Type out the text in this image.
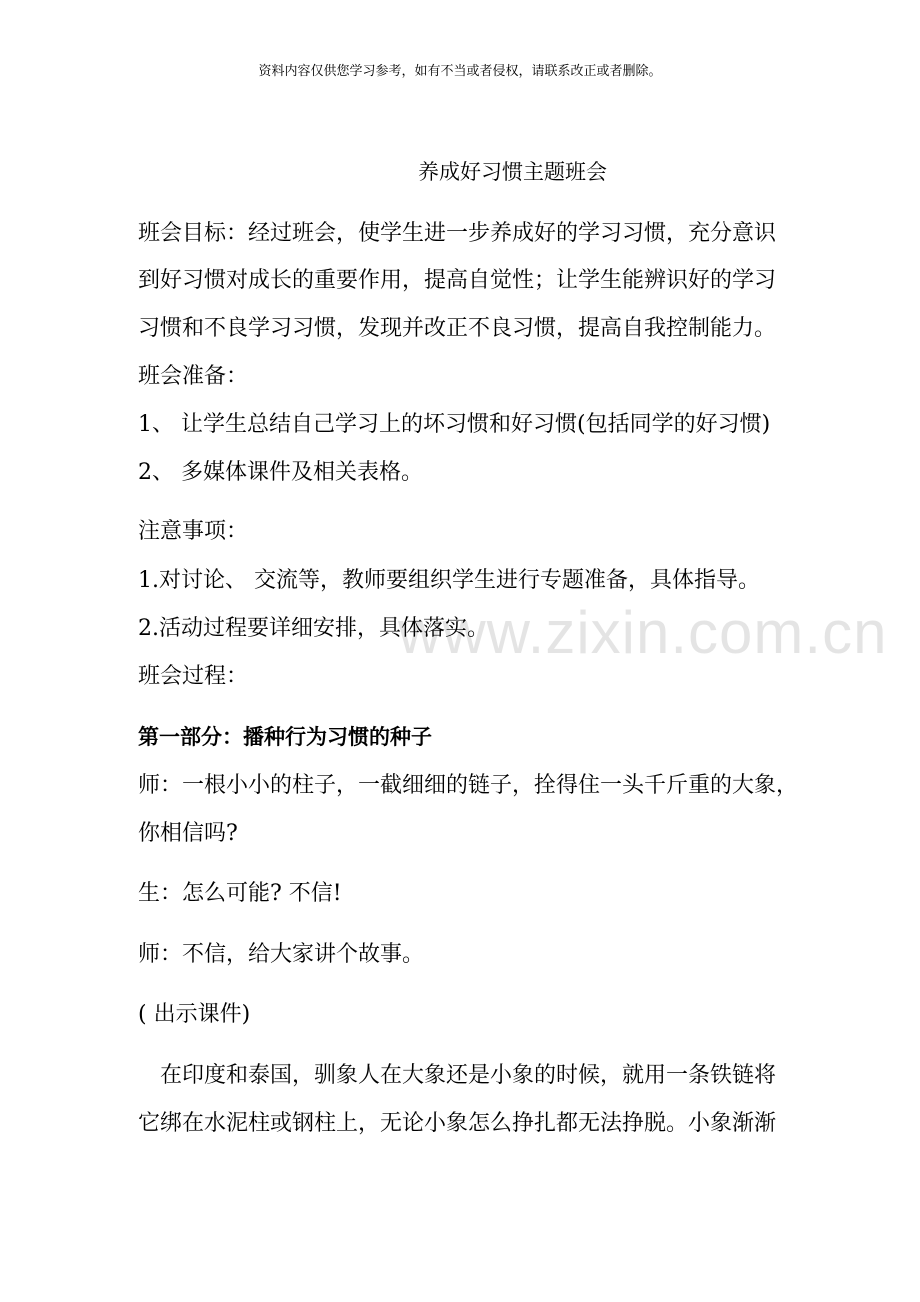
资料内容仅供您学习参考，如有不当或者侵权，请联系改正或者删除。
养成好习惯主题班会
班会目标：经过班会，使学生进一步养成好的学习习惯，充分意识
到好习惯对成长的重要作用，提高自觉性；让学生能辨识好的学习
习惯和不良学习习惯，发现并改正不良习惯，提高自我控制能力。
班会准备：
1、 让学生总结自己学习上的坏习惯和好习惯(包括同学的好习惯)
2、 多媒体课件及相关表格。
注意事项：
1.对讨论、 交流等，教师要组织学生进行专题准备，具体指导。
2.活动过程要详细安排，具体落实。
班会过程：
第一部分：播种行为习惯的种子
师：一根小小的柱子，一截细细的链子，拴得住一头千斤重的大象，
你相信吗?
生：怎么可能? 不信!
师：不信，给大家讲个故事。
( 出示课件)
　在印度和泰国，驯象人在大象还是小象的时候，就用一条铁链将
它绑在水泥柱或钢柱上，无论小象怎么挣扎都无法挣脱。小象渐渐
www.zixin.com.cn
